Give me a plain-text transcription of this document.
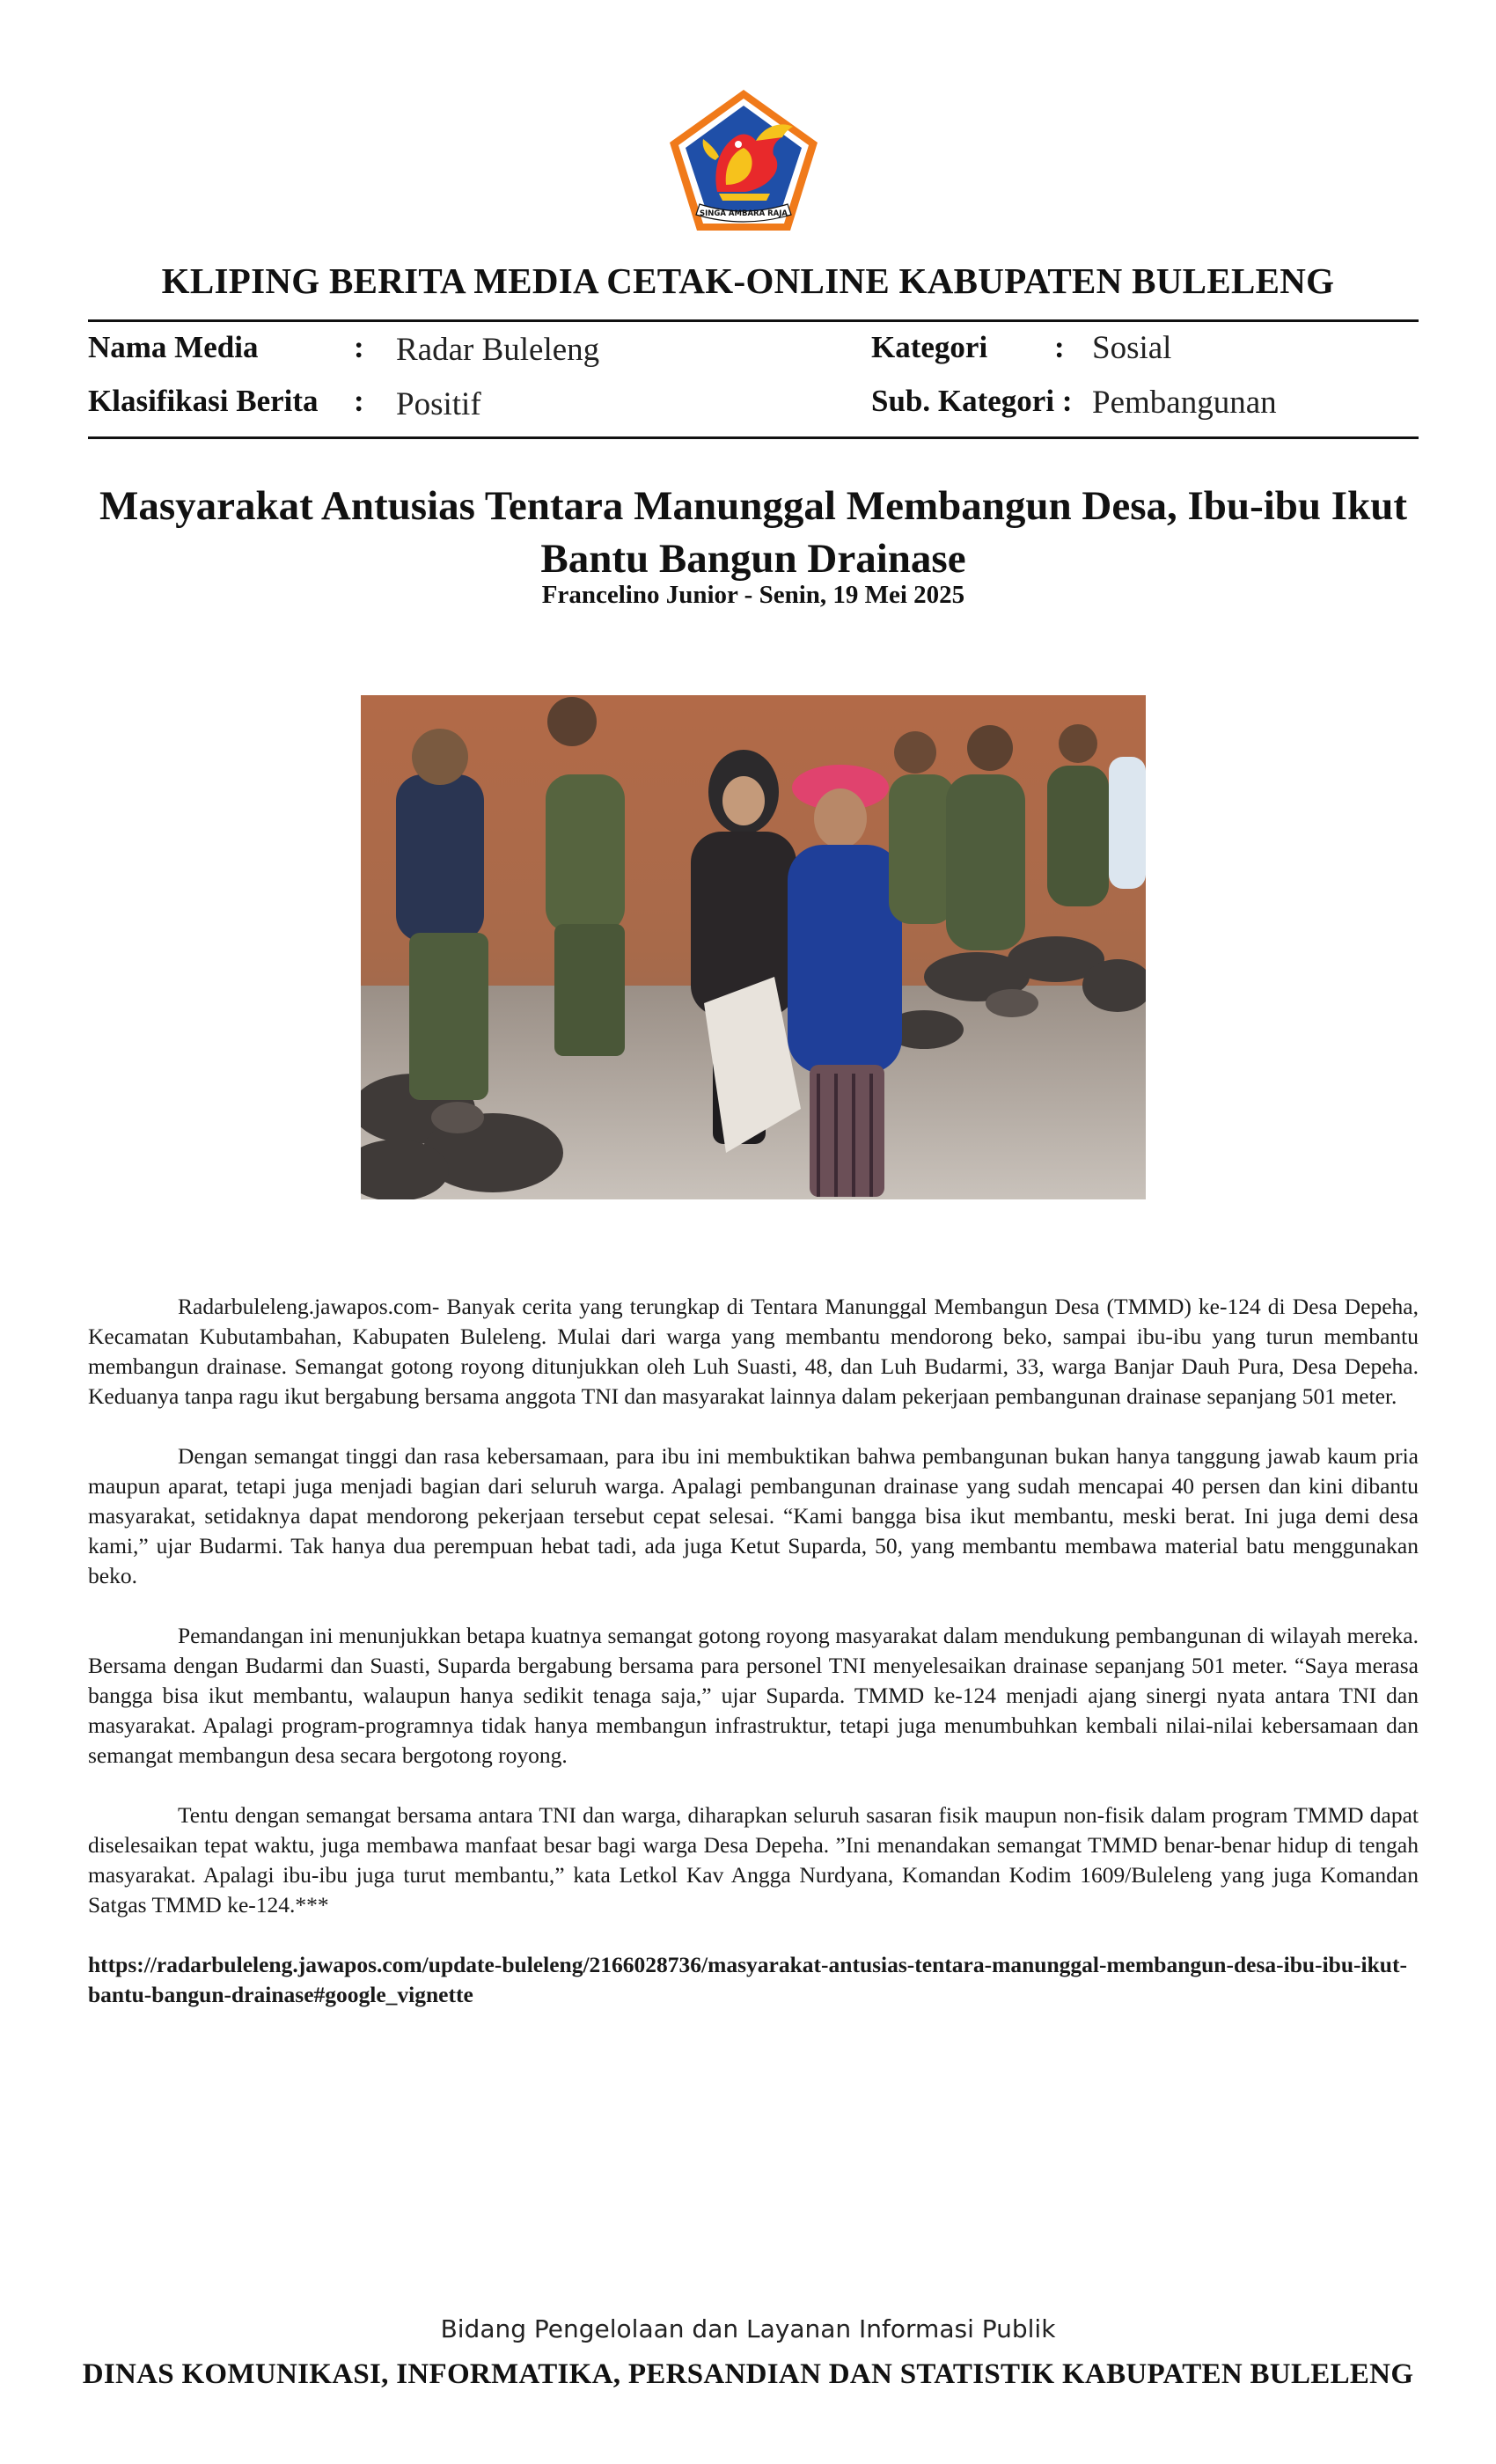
SINGA AMBARA RAJA
KLIPING BERITA MEDIA CETAK-ONLINE KABUPATEN BULELENG
Nama Media	: Radar Buleleng
Klasifikasi Berita : Positif
Kategori : Sosial
Sub. Kategori : Pembangunan
Masyarakat Antusias Tentara Manunggal Membangun Desa, Ibu-ibu Ikut Bantu Bangun Drainase
Francelino Junior - Senin, 19 Mei 2025

Radarbuleleng.jawapos.com- Banyak cerita yang terungkap di Tentara Manunggal Membangun Desa (TMMD) ke-124 di Desa Depeha, Kecamatan Kubutambahan, Kabupaten Buleleng. Mulai dari warga yang membantu mendorong beko, sampai ibu-ibu yang turun membantu membangun drainase. Semangat gotong royong ditunjukkan oleh Luh Suasti, 48, dan Luh Budarmi, 33, warga Banjar Dauh Pura, Desa Depeha. Keduanya tanpa ragu ikut bergabung bersama anggota TNI dan masyarakat lainnya dalam pekerjaan pembangunan drainase sepanjang 501 meter.

Dengan semangat tinggi dan rasa kebersamaan, para ibu ini membuktikan bahwa pembangunan bukan hanya tanggung jawab kaum pria maupun aparat, tetapi juga menjadi bagian dari seluruh warga. Apalagi pembangunan drainase yang sudah mencapai 40 persen dan kini dibantu masyarakat, setidaknya dapat mendorong pekerjaan tersebut cepat selesai. “Kami bangga bisa ikut membantu, meski berat. Ini juga demi desa kami,” ujar Budarmi. Tak hanya dua perempuan hebat tadi, ada juga Ketut Suparda, 50, yang membantu membawa material batu menggunakan beko.

Pemandangan ini menunjukkan betapa kuatnya semangat gotong royong masyarakat dalam mendukung pembangunan di wilayah mereka. Bersama dengan Budarmi dan Suasti, Suparda bergabung bersama para personel TNI menyelesaikan drainase sepanjang 501 meter. “Saya merasa bangga bisa ikut membantu, walaupun hanya sedikit tenaga saja,” ujar Suparda. TMMD ke-124 menjadi ajang sinergi nyata antara TNI dan masyarakat. Apalagi program-programnya tidak hanya membangun infrastruktur, tetapi juga menumbuhkan kembali nilai-nilai kebersamaan dan semangat membangun desa secara bergotong royong.

Tentu dengan semangat bersama antara TNI dan warga, diharapkan seluruh sasaran fisik maupun non-fisik dalam program TMMD dapat diselesaikan tepat waktu, juga membawa manfaat besar bagi warga Desa Depeha. ”Ini menandakan semangat TMMD benar-benar hidup di tengah masyarakat. Apalagi ibu-ibu juga turut membantu,” kata Letkol Kav Angga Nurdyana, Komandan Kodim 1609/Buleleng yang juga Komandan Satgas TMMD ke-124.***

https://radarbuleleng.jawapos.com/update-buleleng/2166028736/masyarakat-antusias-tentara-manunggal-membangun-desa-ibu-ibu-ikut-bantu-bangun-drainase#google_vignette

Bidang Pengelolaan dan Layanan Informasi Publik
DINAS KOMUNIKASI, INFORMATIKA, PERSANDIAN DAN STATISTIK KABUPATEN BULELENG
